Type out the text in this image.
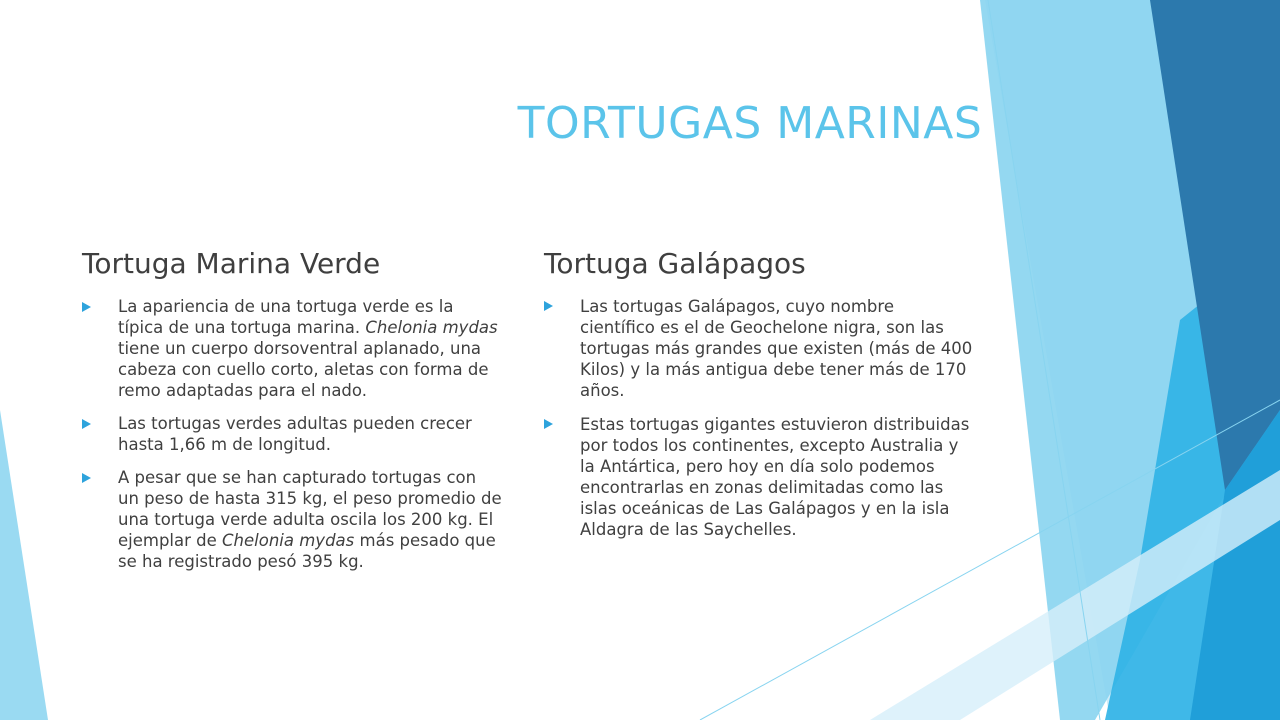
TORTUGAS MARINAS
Tortuga Marina Verde
La apariencia de una tortuga verde es la típica de una tortuga marina. Chelonia mydas tiene un cuerpo dorsoventral aplanado, una cabeza con cuello corto, aletas con forma de remo adaptadas para el nado.
Las tortugas verdes adultas pueden crecer hasta 1,66 m de longitud.
A pesar que se han capturado tortugas con un peso de hasta 315 kg, el peso promedio de una tortuga verde adulta oscila los 200 kg. El ejemplar de Chelonia mydas más pesado que se ha registrado pesó 395 kg.
Tortuga Galápagos
Las tortugas Galápagos, cuyo nombre científico es el de Geochelone nigra, son las tortugas más grandes que existen (más de 400 Kilos) y la más antigua debe tener más de 170 años.
Estas tortugas gigantes estuvieron distribuidas por todos los continentes, excepto Australia y la Antártica, pero hoy en día solo podemos encontrarlas en zonas delimitadas como las islas oceánicas de Las Galápagos y en la isla Aldagra de las Saychelles.
